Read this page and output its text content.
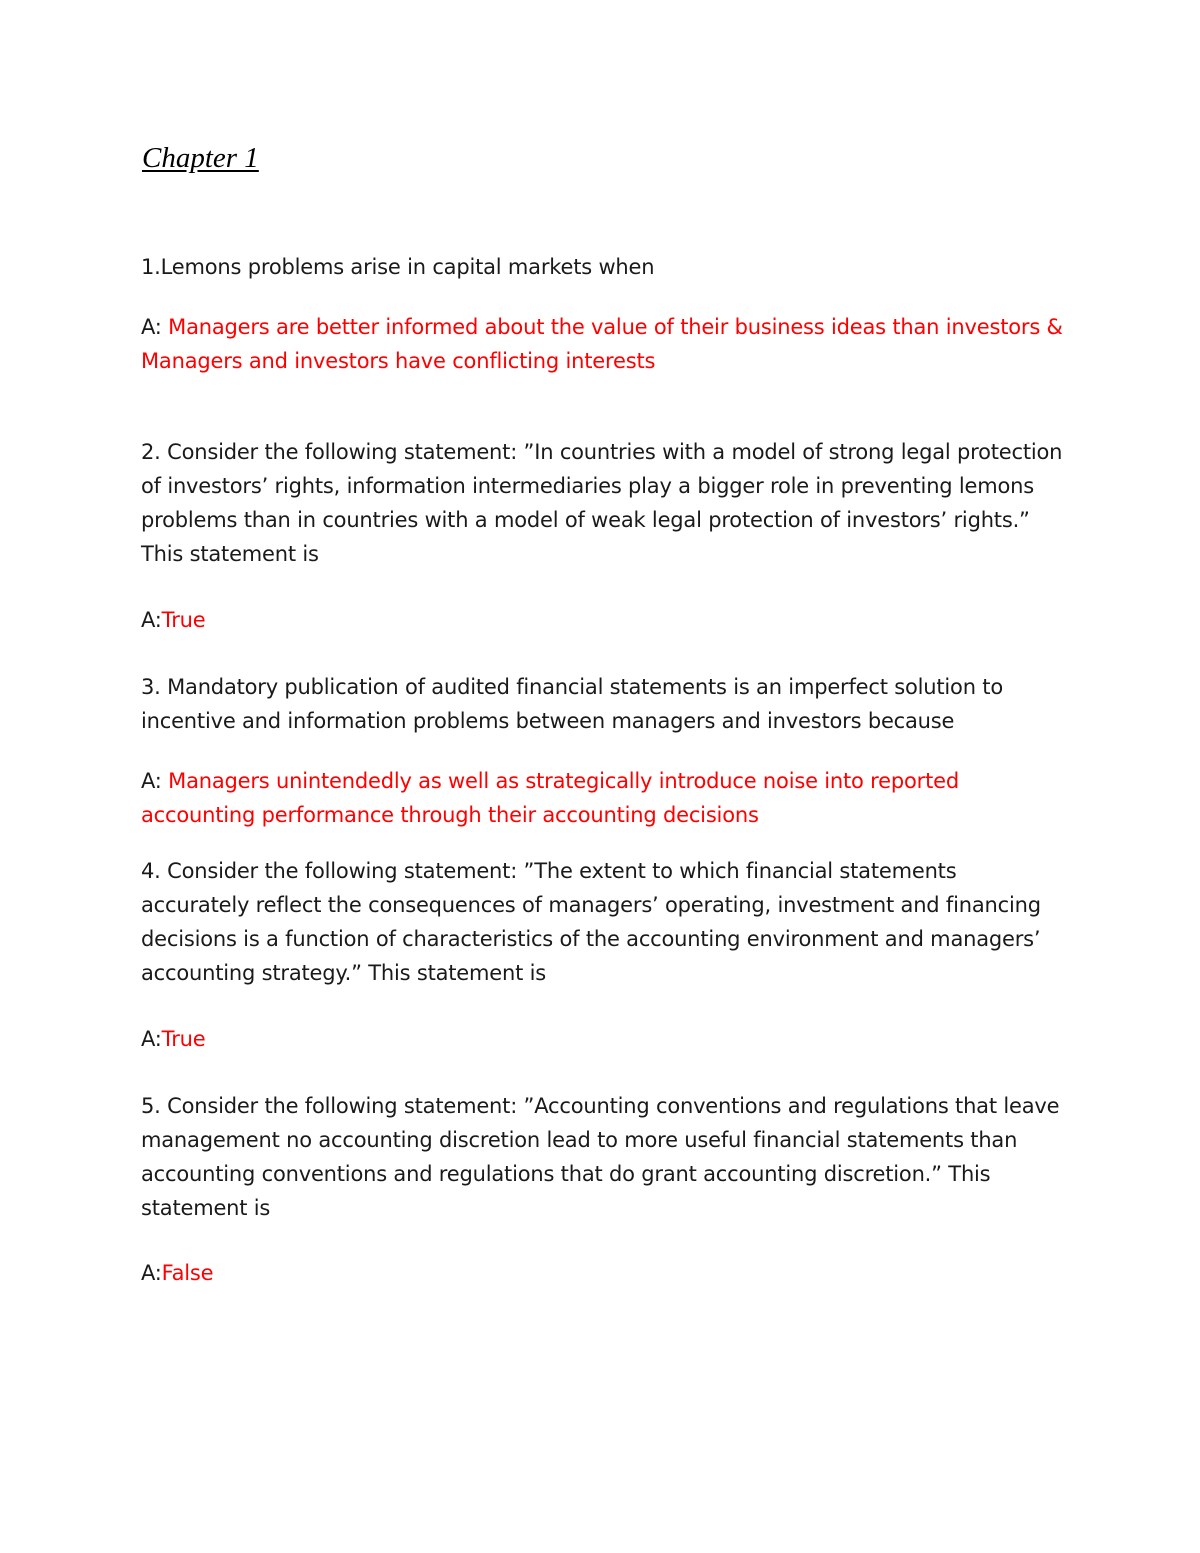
Chapter 1

1.Lemons problems arise in capital markets when

A: Managers are better informed about the value of their business ideas than investors & Managers and investors have conflicting interests

2. Consider the following statement: ”In countries with a model of strong legal protection of investors’ rights, information intermediaries play a bigger role in preventing lemons problems than in countries with a model of weak legal protection of investors’ rights.” This statement is

A:True

3. Mandatory publication of audited financial statements is an imperfect solution to incentive and information problems between managers and investors because

A: Managers unintendedly as well as strategically introduce noise into reported accounting performance through their accounting decisions

4. Consider the following statement: ”The extent to which financial statements accurately reflect the consequences of managers’ operating, investment and financing decisions is a function of characteristics of the accounting environment and managers’ accounting strategy.” This statement is

A:True

5. Consider the following statement: ”Accounting conventions and regulations that leave management no accounting discretion lead to more useful financial statements than accounting conventions and regulations that do grant accounting discretion.” This statement is

A:False
